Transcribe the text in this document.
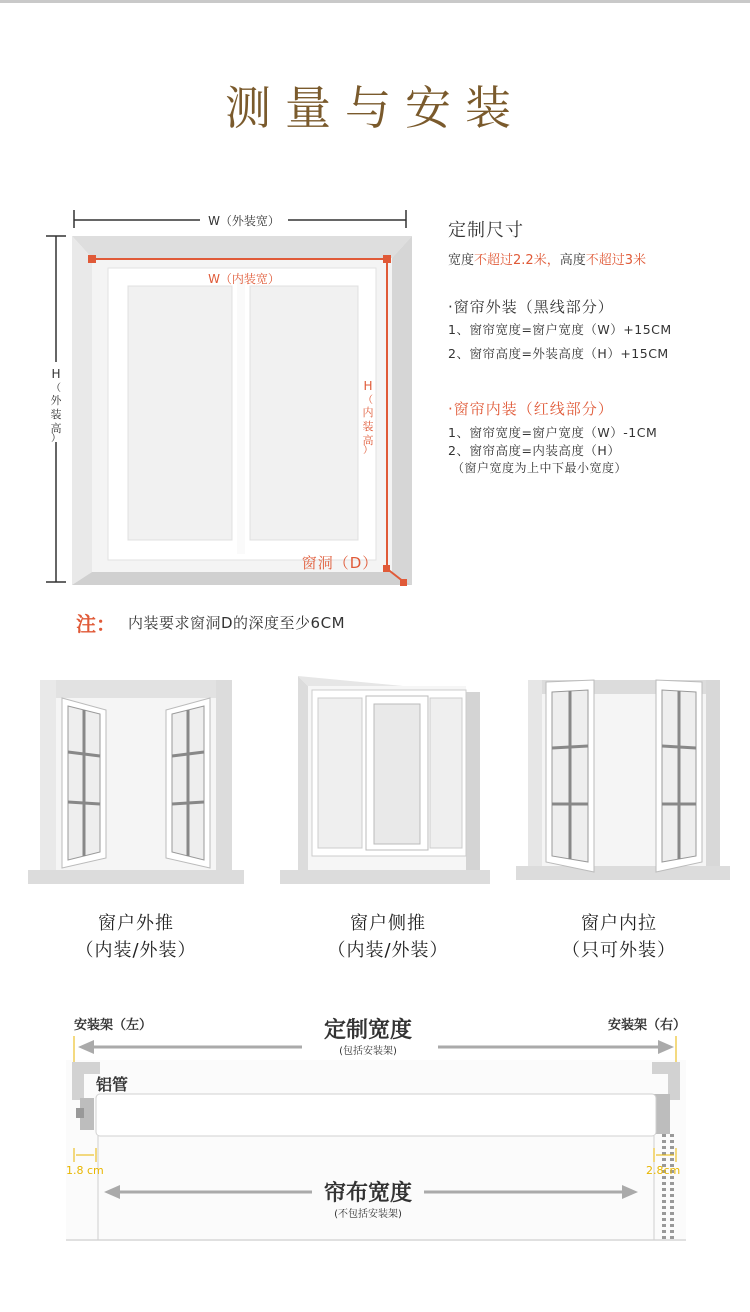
测量与安装
W（外装宽）
H
（
外
装
高
）
W（内装宽）
H
（
内
装
高
）
窗洞（D）
定制尺寸
宽度不超过2.2米，高度不超过3米
·窗帘外装（黑线部分）
1、窗帘宽度=窗户宽度（W）+15CM
2、窗帘高度=外装高度（H）+15CM
·窗帘内装（红线部分）
1、窗帘宽度=窗户宽度（W）-1CM
2、窗帘高度=内装高度（H）
（窗户宽度为上中下最小宽度）
注： 内装要求窗洞D的深度至少6CM
窗户外推
（内装/外装）
窗户侧推
（内装/外装）
窗户内拉
（只可外装）
安装架（左）	安装架（右）
定制宽度
(包括安装架)
铝管
1.8 cm	2.8cm
帘布宽度
(不包括安装架)
